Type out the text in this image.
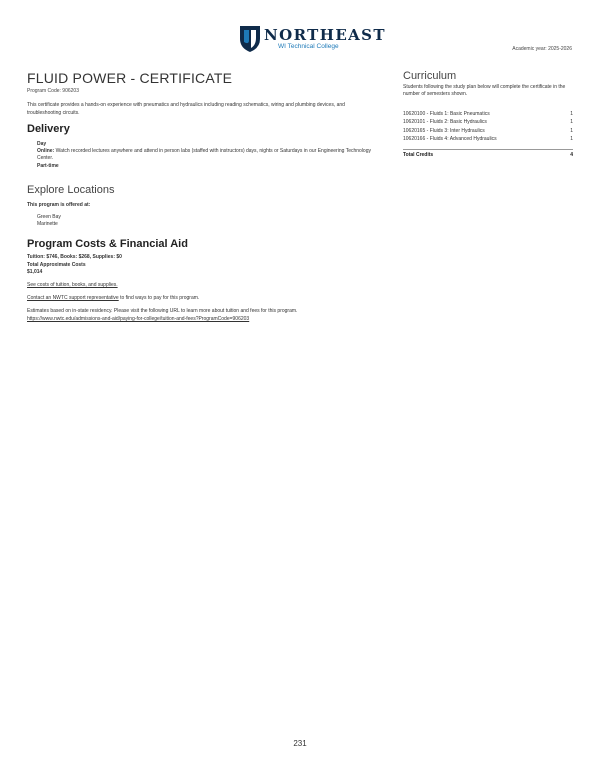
NORTHEAST
WI Technical College	Academic year: 2025-2026
FLUID POWER - CERTIFICATE
Program Code: 906203
This certificate provides a hands-on experience with pneumatics and hydraulics including reading schematics, wiring and plumbing devices, and troubleshooting circuits.
Delivery
Day
Online: Watch recorded lectures anywhere and attend in person labs (staffed with instructors) days, nights or Saturdays in our Engineering Technology Center.
Part-time
Explore Locations
This program is offered at:
Green Bay
Marinette
Program Costs & Financial Aid
Tuition: $746, Books: $268, Supplies: $0
Total Approximate Costs
$1,014
See costs of tuition, books, and supplies.
Contact an NWTC support representative to find ways to pay for this program.
Estimates based on in-state residency. Please visit the following URL to learn more about tuition and fees for this program.
https://www.nwtc.edu/admissions-and-aid/paying-for-college/tuition-and-fees?ProgramCode=906203
Curriculum
Students following the study plan below will complete the certificate in the number of semesters shown.
10620100 - Fluids 1: Basic Pneumatics	1
10620101 - Fluids 2: Basic Hydraulics	1
10620165 - Fluids 3: Inter Hydraulics	1
10620166 - Fluids 4: Advanced Hydraulics	1
Total Credits	4
231
